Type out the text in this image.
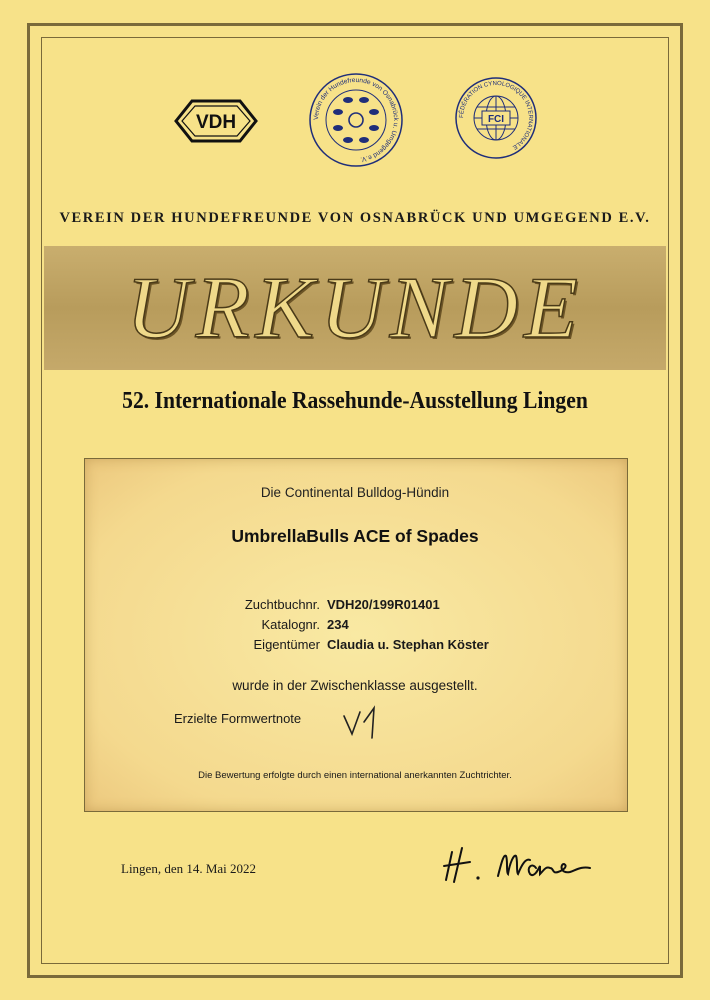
VDH	Verein der Hundefreunde von Osnabrück u. Umgegend e.V.
FÉDÉRATION CYNOLOGIQUE INTERNATIONALE
FCI
VEREIN DER HUNDEFREUNDE VON OSNABRÜCK UND UMGEGEND E.V.
URKUNDE
52. Internationale Rassehunde-Ausstellung Lingen
Die Continental Bulldog-Hündin
UmbrellaBulls ACE of Spades
Zuchtbuchnr. VDH20/199R01401
Katalognr. 234
Eigentümer Claudia u. Stephan Köster
wurde in der Zwischenklasse ausgestellt.
Erzielte Formwertnote
Die Bewertung erfolgte durch einen international anerkannten Zuchtrichter.
Lingen, den 14. Mai 2022
